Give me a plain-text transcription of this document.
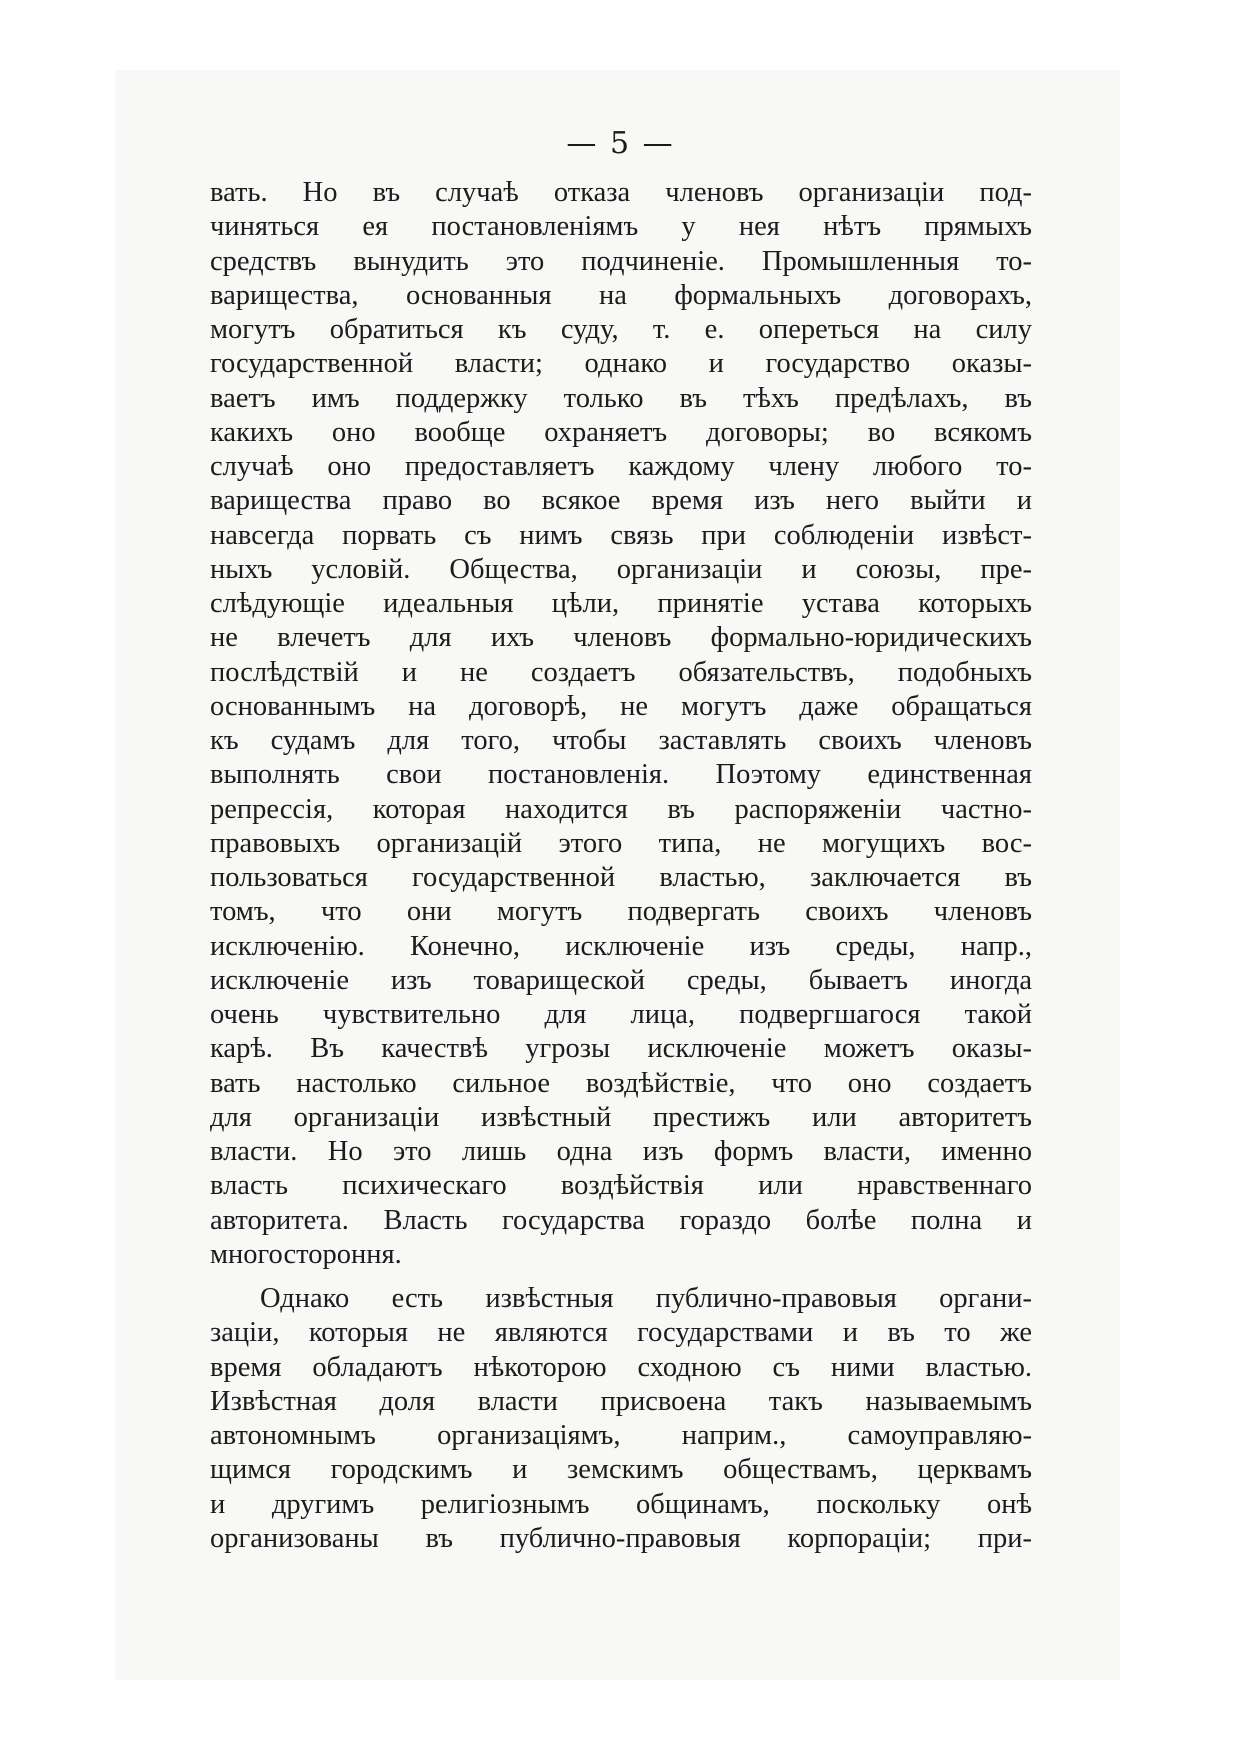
— 5 —
вать. Но въ случаѣ отказа членовъ организаціи под-
чиняться ея постановленіямъ у нея нѣтъ прямыхъ
средствъ вынудить это подчиненіе. Промышленныя то-
варищества, основанныя на формальныхъ договорахъ,
могутъ обратиться къ суду, т. е. опереться на силу
государственной власти; однако и государство оказы-
ваетъ имъ поддержку только въ тѣхъ предѣлахъ, въ
какихъ оно вообще охраняетъ договоры; во всякомъ
случаѣ оно предоставляетъ каждому члену любого то-
варищества право во всякое время изъ него выйти и
навсегда порвать съ нимъ связь при соблюденіи извѣст-
ныхъ условій. Общества, организаціи и союзы, пре-
слѣдующіе идеальныя цѣли, принятіе устава которыхъ
не влечетъ для ихъ членовъ формально-юридическихъ
послѣдствій и не создаетъ обязательствъ, подобныхъ
основаннымъ на договорѣ, не могутъ даже обращаться
къ судамъ для того, чтобы заставлять своихъ членовъ
выполнять свои постановленія. Поэтому единственная
репрессія, которая находится въ распоряженіи частно-
правовыхъ организацій этого типа, не могущихъ вос-
пользоваться государственной властью, заключается въ
томъ, что они могутъ подвергать своихъ членовъ
исключенію. Конечно, исключеніе изъ среды, напр.,
исключеніе изъ товарищеской среды, бываетъ иногда
очень чувствительно для лица, подвергшагося такой
карѣ. Въ качествѣ угрозы исключеніе можетъ оказы-
вать настолько сильное воздѣйствіе, что оно создаетъ
для организаціи извѣстный престижъ или авторитетъ
власти. Но это лишь одна изъ формъ власти, именно
власть психическаго воздѣйствія или нравственнаго
авторитета. Власть государства гораздо болѣе полна и
многостороння.
Однако есть извѣстныя публично-правовыя органи-
заціи, которыя не являются государствами и въ то же
время обладаютъ нѣкоторою сходною съ ними властью.
Извѣстная доля власти присвоена такъ называемымъ
автономнымъ организаціямъ, наприм., самоуправляю-
щимся городскимъ и земскимъ обществамъ, церквамъ
и другимъ религіознымъ общинамъ, поскольку онѣ
организованы въ публично-правовыя корпораціи; при-
